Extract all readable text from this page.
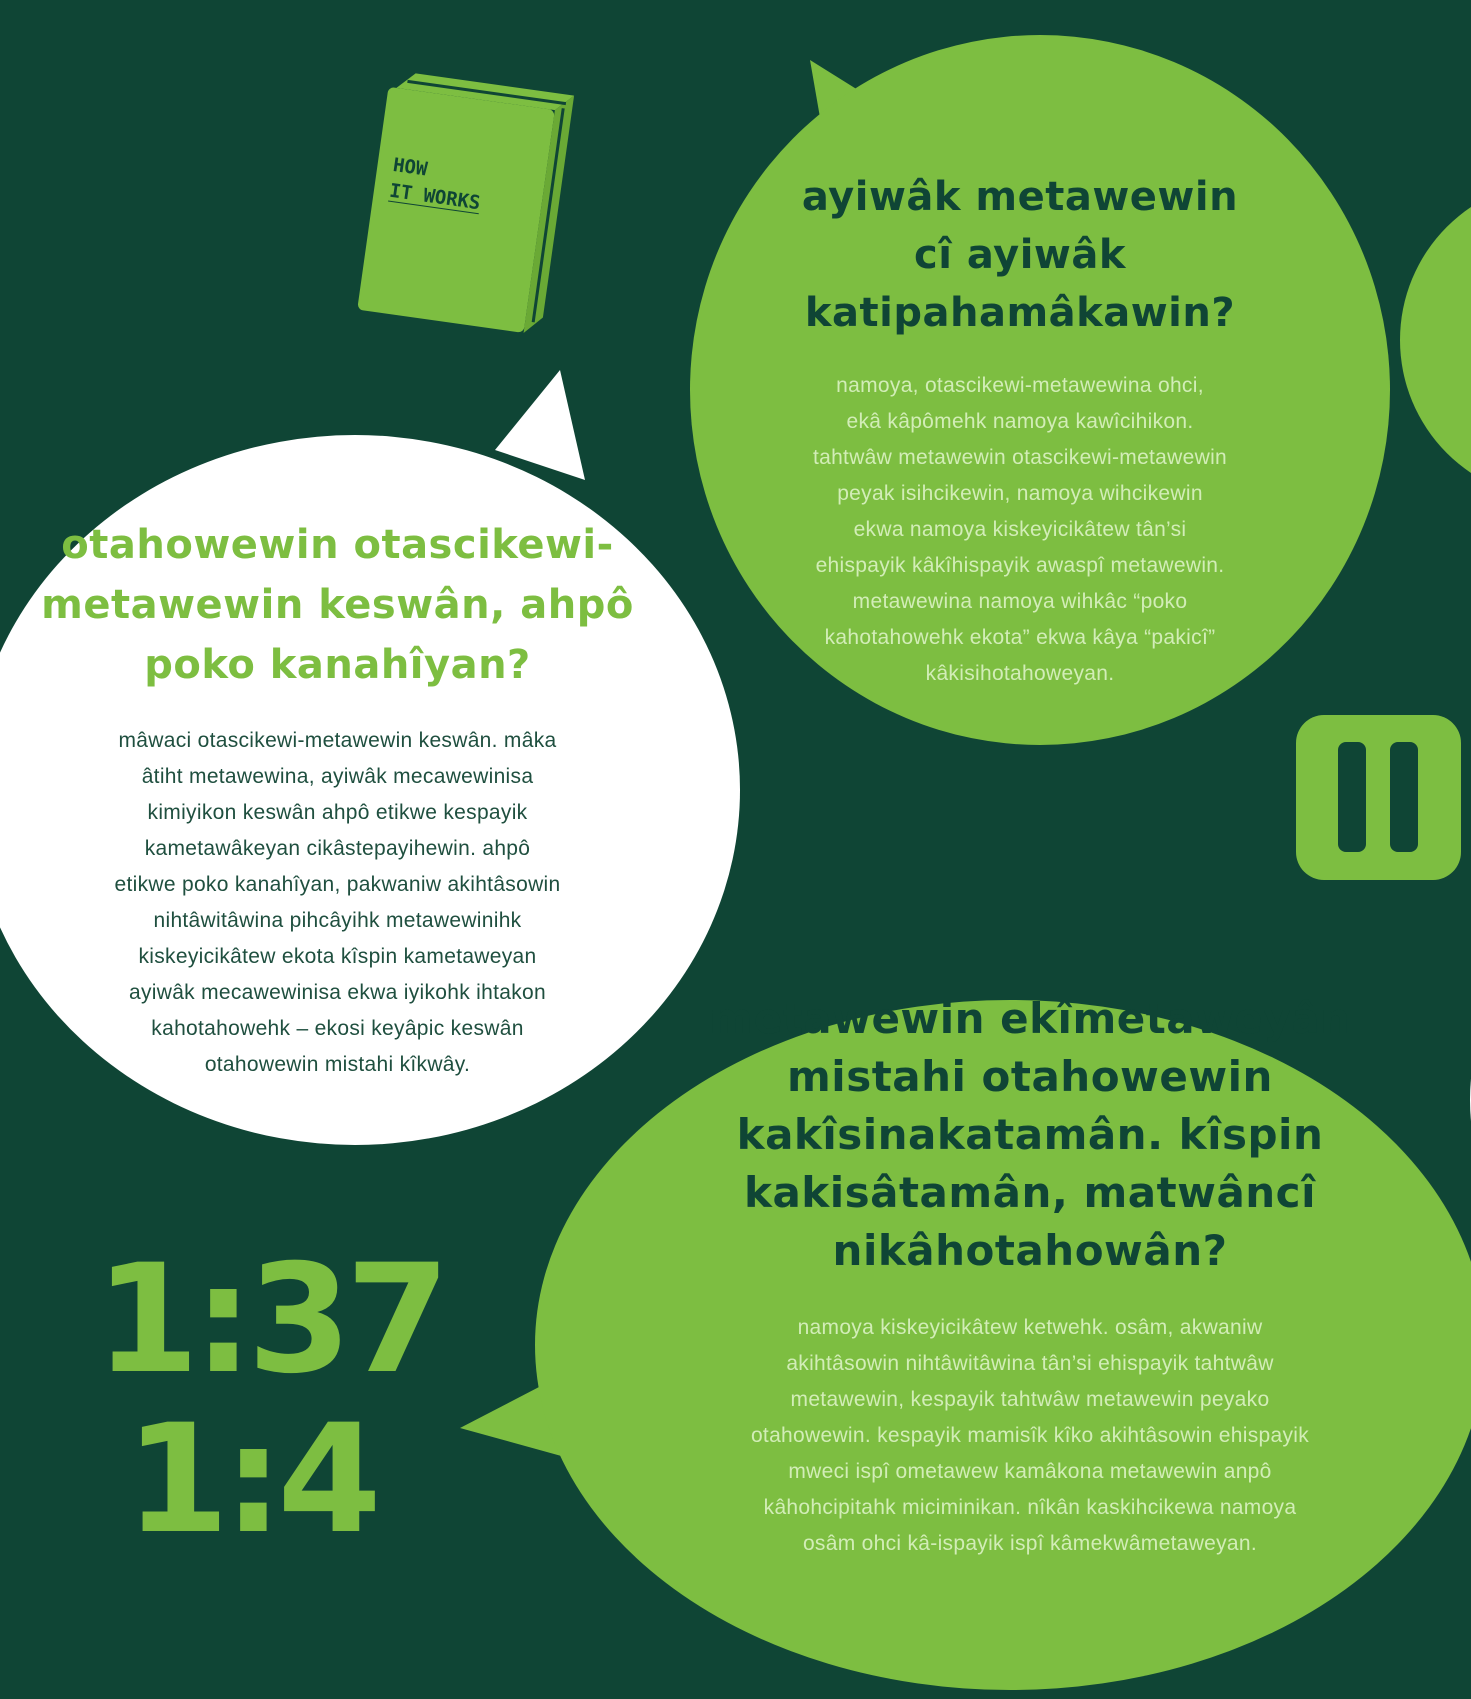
HOW
IT WORKS	ayiwâk metawewin
cî ayiwâk
katipahamâkawin?
namoya, otascikewi-metawewina ohci,
ekâ kâpômehk namoya kawîcihikon.
tahtwâw metawewin otascikewi-metawewin
peyak isihcikewin, namoya wihcikewin
ekwa namoya kiskeyicikâtew tân’si
ehispayik kâkîhispayik awaspî metawewin.
metawewina namoya wihkâc “poko
kahotahowehk ekota” ekwa kâya “pakicî”
kâkisihotahoweyan.
otahowewin otascikewi-
metawewin keswân, ahpô
poko kanahîyan?
mâwaci otascikewi-metawewin keswân. mâka
âtiht metawewina, ayiwâk mecawewinisa
kimiyikon keswân ahpô etikwe kespayik
kametawâkeyan cikâstepayihewin. ahpô
etikwe poko kanahîyan, pakwaniw akihtâsowin
nihtâwitâwina pihcâyihk metawewinihk
kiskeyicikâtew ekota kîspin kametaweyan
ayiwâk mecawewinisa ekwa iyikohk ihtakon
kahotahowehk – ekosi keyâpic keswân
otahowewin mistahi kîkwây.
metawewin ekîmetaweyân
mistahi otahowewin
kakîsinakatamân. kîspin
kakisâtamân, matwâncî
nikâhotahowân?
namoya kiskeyicikâtew ketwehk. osâm, akwaniw
akihtâsowin nihtâwitâwina tân’si ehispayik tahtwâw
metawewin, kespayik tahtwâw metawewin peyako
otahowewin. kespayik mamisîk kîko akihtâsowin ehispayik
mweci ispî ometawew kamâkona metawewin anpô
kâhohcipitahk miciminikan. nîkân kaskihcikewa namoya
osâm ohci kâ-ispayik ispî kâmekwâmetaweyan.
1:37
1:4
